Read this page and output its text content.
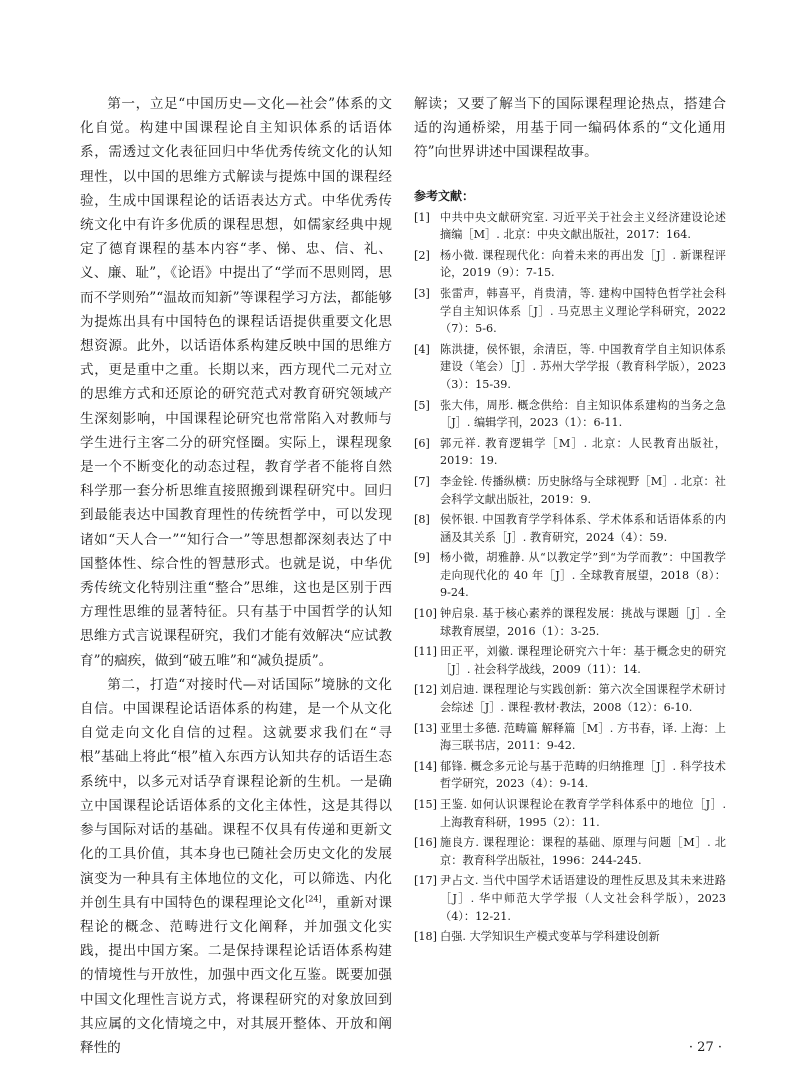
第一，立足“中国历史—文化—社会”体系的文化自觉。构建中国课程论自主知识体系的话语体系，需透过文化表征回归中华优秀传统文化的认知理性，以中国的思维方式解读与提炼中国的课程经验，生成中国课程论的话语表达方式。中华优秀传统文化中有许多优质的课程思想，如儒家经典中规定了德育课程的基本内容“孝、悌、忠、信、礼、义、廉、耻”，《论语》中提出了“学而不思则罔，思而不学则殆”“温故而知新”等课程学习方法，都能够为提炼出具有中国特色的课程话语提供重要文化思想资源。此外，以话语体系构建反映中国的思维方式，更是重中之重。长期以来，西方现代二元对立的思维方式和还原论的研究范式对教育研究领域产生深刻影响，中国课程论研究也常常陷入对教师与学生进行主客二分的研究怪圈。实际上，课程现象是一个不断变化的动态过程，教育学者不能将自然科学那一套分析思维直接照搬到课程研究中。回归到最能表达中国教育理性的传统哲学中，可以发现诸如“天人合一”“知行合一”等思想都深刻表达了中国整体性、综合性的智慧形式。也就是说，中华优秀传统文化特别注重“整合”思维，这也是区别于西方理性思维的显著特征。只有基于中国哲学的认知思维方式言说课程研究，我们才能有效解决“应试教育”的痼疾，做到“破五唯”和“减负提质”。

第二，打造“对接时代—对话国际”境脉的文化自信。中国课程论话语体系的构建，是一个从文化自觉走向文化自信的过程。这就要求我们在“寻根”基础上将此“根”植入东西方认知共存的话语生态系统中，以多元对话孕育课程论新的生机。一是确立中国课程论话语体系的文化主体性，这是其得以参与国际对话的基础。课程不仅具有传递和更新文化的工具价值，其本身也已随社会历史文化的发展演变为一种具有主体地位的文化，可以筛选、内化并创生具有中国特色的课程理论文化[24]，重新对课程论的概念、范畴进行文化阐释，并加强文化实践，提出中国方案。二是保持课程论话语体系构建的情境性与开放性，加强中西文化互鉴。既要加强中国文化理性言说方式，将课程研究的对象放回到其应属的文化情境之中，对其展开整体、开放和阐释性的

解读；又要了解当下的国际课程理论热点，搭建合适的沟通桥梁，用基于同一编码体系的“文化通用符”向世界讲述中国课程故事。

参考文献：
[1] 中共中央文献研究室. 习近平关于社会主义经济建设论述摘编［M］. 北京：中央文献出版社，2017：164.
[2] 杨小微. 课程现代化：向着未来的再出发［J］. 新课程评论，2019（9）：7-15.
[3] 张雷声，韩喜平，肖贵清，等. 建构中国特色哲学社会科学自主知识体系［J］. 马克思主义理论学科研究，2022（7）：5-6.
[4] 陈洪捷，侯怀银，余清臣，等. 中国教育学自主知识体系建设（笔会）［J］. 苏州大学学报（教育科学版），2023（3）：15-39.
[5] 张大伟，周彤. 概念供给：自主知识体系建构的当务之急［J］. 编辑学刊，2023（1）：6-11.
[6] 郭元祥. 教育逻辑学［M］. 北京：人民教育出版社，2019：19.
[7] 李金铨. 传播纵横：历史脉络与全球视野［M］. 北京：社会科学文献出版社，2019：9.
[8] 侯怀银. 中国教育学学科体系、学术体系和话语体系的内涵及其关系［J］. 教育研究，2024（4）：59.
[9] 杨小微，胡雅静. 从“以教定学”到“为学而教”：中国教学走向现代化的 40 年［J］. 全球教育展望，2018（8）：9-24.
[10] 钟启泉. 基于核心素养的课程发展：挑战与课题［J］. 全球教育展望，2016（1）：3-25.
[11] 田正平，刘徽. 课程理论研究六十年：基于概念史的研究［J］. 社会科学战线，2009（11）：14.
[12] 刘启迪. 课程理论与实践创新：第六次全国课程学术研讨会综述［J］. 课程·教材·教法，2008（12）：6-10.
[13] 亚里士多德. 范畴篇 解释篇［M］. 方书春，译. 上海：上海三联书店，2011：9-42.
[14] 郁锋. 概念多元论与基于范畴的归纳推理［J］. 科学技术哲学研究，2023（4）：9-14.
[15] 王鉴. 如何认识课程论在教育学学科体系中的地位［J］. 上海教育科研，1995（2）：11.
[16] 施良方. 课程理论：课程的基础、原理与问题［M］. 北京：教育科学出版社，1996：244-245.
[17] 尹占文. 当代中国学术话语建设的理性反思及其未来进路［J］. 华中师范大学学报（人文社会科学版），2023（4）：12-21.
[18] 白强. 大学知识生产模式变革与学科建设创新
· 27 ·
